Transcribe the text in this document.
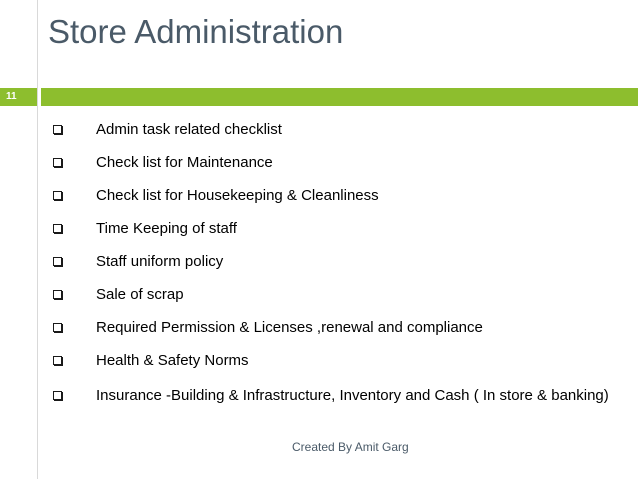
Store Administration
11
Admin task related checklist
Check list for Maintenance
Check list for Housekeeping & Cleanliness
Time Keeping of staff
Staff uniform policy
Sale of scrap
Required Permission & Licenses ,renewal and compliance
Health & Safety Norms
Insurance -Building & Infrastructure, Inventory and Cash ( In store & banking)
Created By Amit Garg
